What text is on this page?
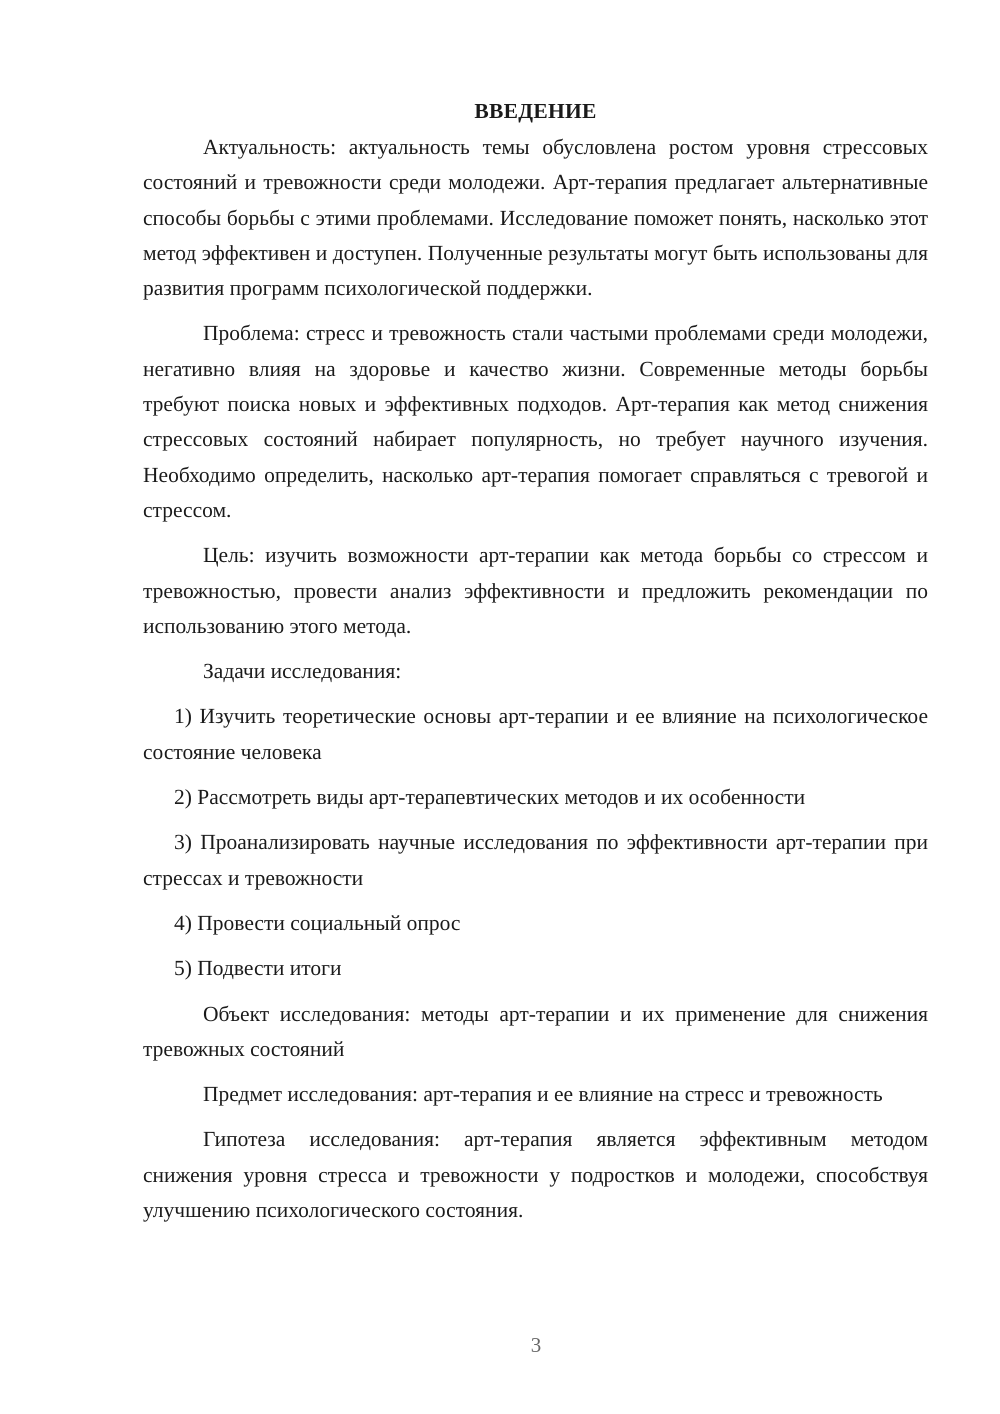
ВВЕДЕНИЕ

Актуальность: актуальность темы обусловлена ростом уровня стрессовых состояний и тревожности среди молодежи. Арт-терапия предлагает альтернативные способы борьбы с этими проблемами. Исследование поможет понять, насколько этот метод эффективен и доступен. Полученные результаты могут быть использованы для развития программ психологической поддержки.

Проблема: стресс и тревожность стали частыми проблемами среди молодежи, негативно влияя на здоровье и качество жизни. Современные методы борьбы требуют поиска новых и эффективных подходов. Арт-терапия как метод снижения стрессовых состояний набирает популярность, но требует научного изучения. Необходимо определить, насколько арт-терапия помогает справляться с тревогой и стрессом.

Цель: изучить возможности арт-терапии как метода борьбы со стрессом и тревожностью, провести анализ эффективности и предложить рекомендации по использованию этого метода.

Задачи исследования:

1) Изучить теоретические основы арт-терапии и ее влияние на психологическое состояние человека

2) Рассмотреть виды арт-терапевтических методов и их особенности

3) Проанализировать научные исследования по эффективности арт-терапии при стрессах и тревожности

4) Провести социальный опрос

5) Подвести итоги

Объект исследования: методы арт-терапии и их применение для снижения тревожных состояний

Предмет исследования: арт-терапия и ее влияние на стресс и тревожность

Гипотеза исследования: арт-терапия является эффективным методом снижения уровня стресса и тревожности у подростков и молодежи, способствуя улучшению психологического состояния.

3
